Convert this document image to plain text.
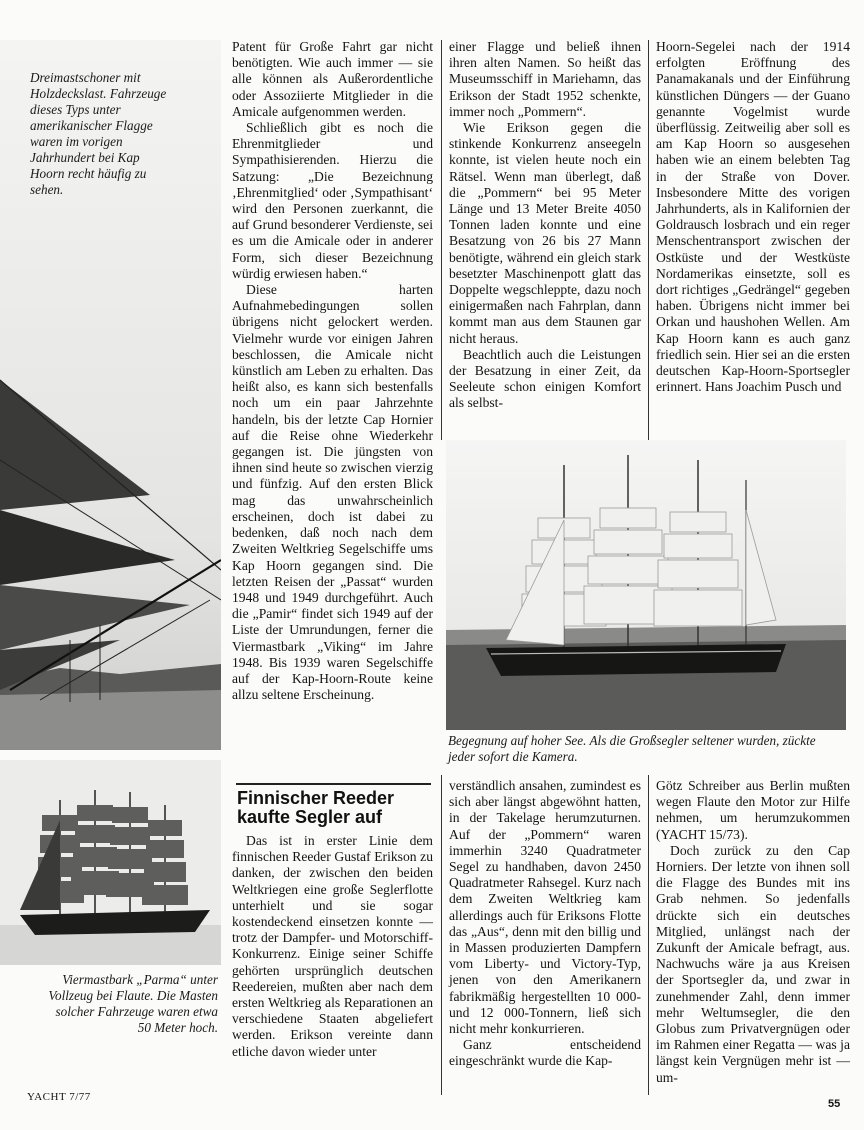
Dreimastschoner mit Holzdeckslast. Fahrzeuge dieses Typs unter amerikanischer Flagge waren im vorigen Jahrhundert bei Kap Hoorn recht häufig zu sehen.
Viermastbark „Parma“ unter Vollzeug bei Flaute. Die Masten solcher Fahrzeuge waren etwa 50 Meter hoch.
Begegnung auf hoher See. Als die Großsegler seltener wurden, zückte jeder sofort die Kamera.

Patent für Große Fahrt gar nicht benötigten. Wie auch immer — sie alle können als Außerordentliche oder Assoziierte Mitglieder in die Amicale aufgenommen werden.

Schließlich gibt es noch die Ehrenmitglieder und Sympathisierenden. Hierzu die Satzung: „Die Bezeichnung ‚Ehrenmitglied‘ oder ‚Sympathisant‘ wird den Personen zuerkannt, die auf Grund besonderer Verdienste, sei es um die Amicale oder in anderer Form, sich dieser Bezeichnung würdig erwiesen haben.“

Diese harten Aufnahmebedingungen sollen übrigens nicht gelockert werden. Vielmehr wurde vor einigen Jahren beschlossen, die Amicale nicht künstlich am Leben zu erhalten. Das heißt also, es kann sich bestenfalls noch um ein paar Jahrzehnte handeln, bis der letzte Cap Hornier auf die Reise ohne Wiederkehr gegangen ist. Die jüngsten von ihnen sind heute so zwischen vierzig und fünfzig. Auf den ersten Blick mag das unwahrscheinlich erscheinen, doch ist dabei zu bedenken, daß noch nach dem Zweiten Weltkrieg Segelschiffe ums Kap Hoorn gegangen sind. Die letzten Reisen der „Passat“ wurden 1948 und 1949 durchgeführt. Auch die „Pamir“ findet sich 1949 auf der Liste der Umrundungen, ferner die Viermastbark „Viking“ im Jahre 1948. Bis 1939 waren Segelschiffe auf der Kap-Hoorn-Route keine allzu seltene Erscheinung.

einer Flagge und beließ ihnen ihren alten Namen. So heißt das Museumsschiff in Mariehamn, das Erikson der Stadt 1952 schenkte, immer noch „Pommern“.

Wie Erikson gegen die stinkende Konkurrenz anseegeln konnte, ist vielen heute noch ein Rätsel. Wenn man überlegt, daß die „Pommern“ bei 95 Meter Länge und 13 Meter Breite 4050 Tonnen laden konnte und eine Besatzung von 26 bis 27 Mann benötigte, während ein gleich stark besetzter Maschinenpott glatt das Doppelte wegschleppte, dazu noch einigermaßen nach Fahrplan, dann kommt man aus dem Staunen gar nicht heraus.

Beachtlich auch die Leistungen der Besatzung in einer Zeit, da Seeleute schon einigen Komfort als selbst-

Hoorn-Segelei nach der 1914 erfolgten Eröffnung des Panamakanals und der Einführung künstlichen Düngers — der Guano genannte Vogelmist wurde überflüssig. Zeitweilig aber soll es am Kap Hoorn so ausgesehen haben wie an einem belebten Tag in der Straße von Dover. Insbesondere Mitte des vorigen Jahrhunderts, als in Kalifornien der Goldrausch losbrach und ein reger Menschentransport zwischen der Ostküste und der Westküste Nordamerikas einsetzte, soll es dort richtiges „Gedrängel“ gegeben haben. Übrigens nicht immer bei Orkan und haushohen Wellen. Am Kap Hoorn kann es auch ganz friedlich sein. Hier sei an die ersten deutschen Kap-Hoorn-Sportsegler erinnert. Hans Joachim Pusch und

Finnischer Reeder
kaufte Segler auf

Das ist in erster Linie dem finnischen Reeder Gustaf Erikson zu danken, der zwischen den beiden Weltkriegen eine große Seglerflotte unterhielt und sie sogar kostendeckend einsetzen konnte — trotz der Dampfer- und Motorschiff-Konkurrenz. Einige seiner Schiffe gehörten ursprünglich deutschen Reedereien, mußten aber nach dem ersten Weltkrieg als Reparationen an verschiedene Staaten abgeliefert werden. Erikson vereinte dann etliche davon wieder unter

verständlich ansahen, zumindest es sich aber längst abgewöhnt hatten, in der Takelage herumzuturnen. Auf der „Pommern“ waren immerhin 3240 Quadratmeter Segel zu handhaben, davon 2450 Quadratmeter Rahsegel. Kurz nach dem Zweiten Weltkrieg kam allerdings auch für Eriksons Flotte das „Aus“, denn mit den billig und in Massen produzierten Dampfern vom Liberty- und Victory-Typ, jenen von den Amerikanern fabrikmäßig hergestellten 10 000- und 12 000-Tonnern, ließ sich nicht mehr konkurrieren.

Ganz entscheidend eingeschränkt wurde die Kap-

Götz Schreiber aus Berlin mußten wegen Flaute den Motor zur Hilfe nehmen, um herumzukommen (YACHT 15/73).

Doch zurück zu den Cap Horniers. Der letzte von ihnen soll die Flagge des Bundes mit ins Grab nehmen. So jedenfalls drückte sich ein deutsches Mitglied, unlängst nach der Zukunft der Amicale befragt, aus. Nachwuchs wäre ja aus Kreisen der Sportsegler da, und zwar in zunehmender Zahl, denn immer mehr Weltumsegler, die den Globus zum Privatvergnügen oder im Rahmen einer Regatta — was ja längst kein Vergnügen mehr ist — um-

YACHT 7/77
55
